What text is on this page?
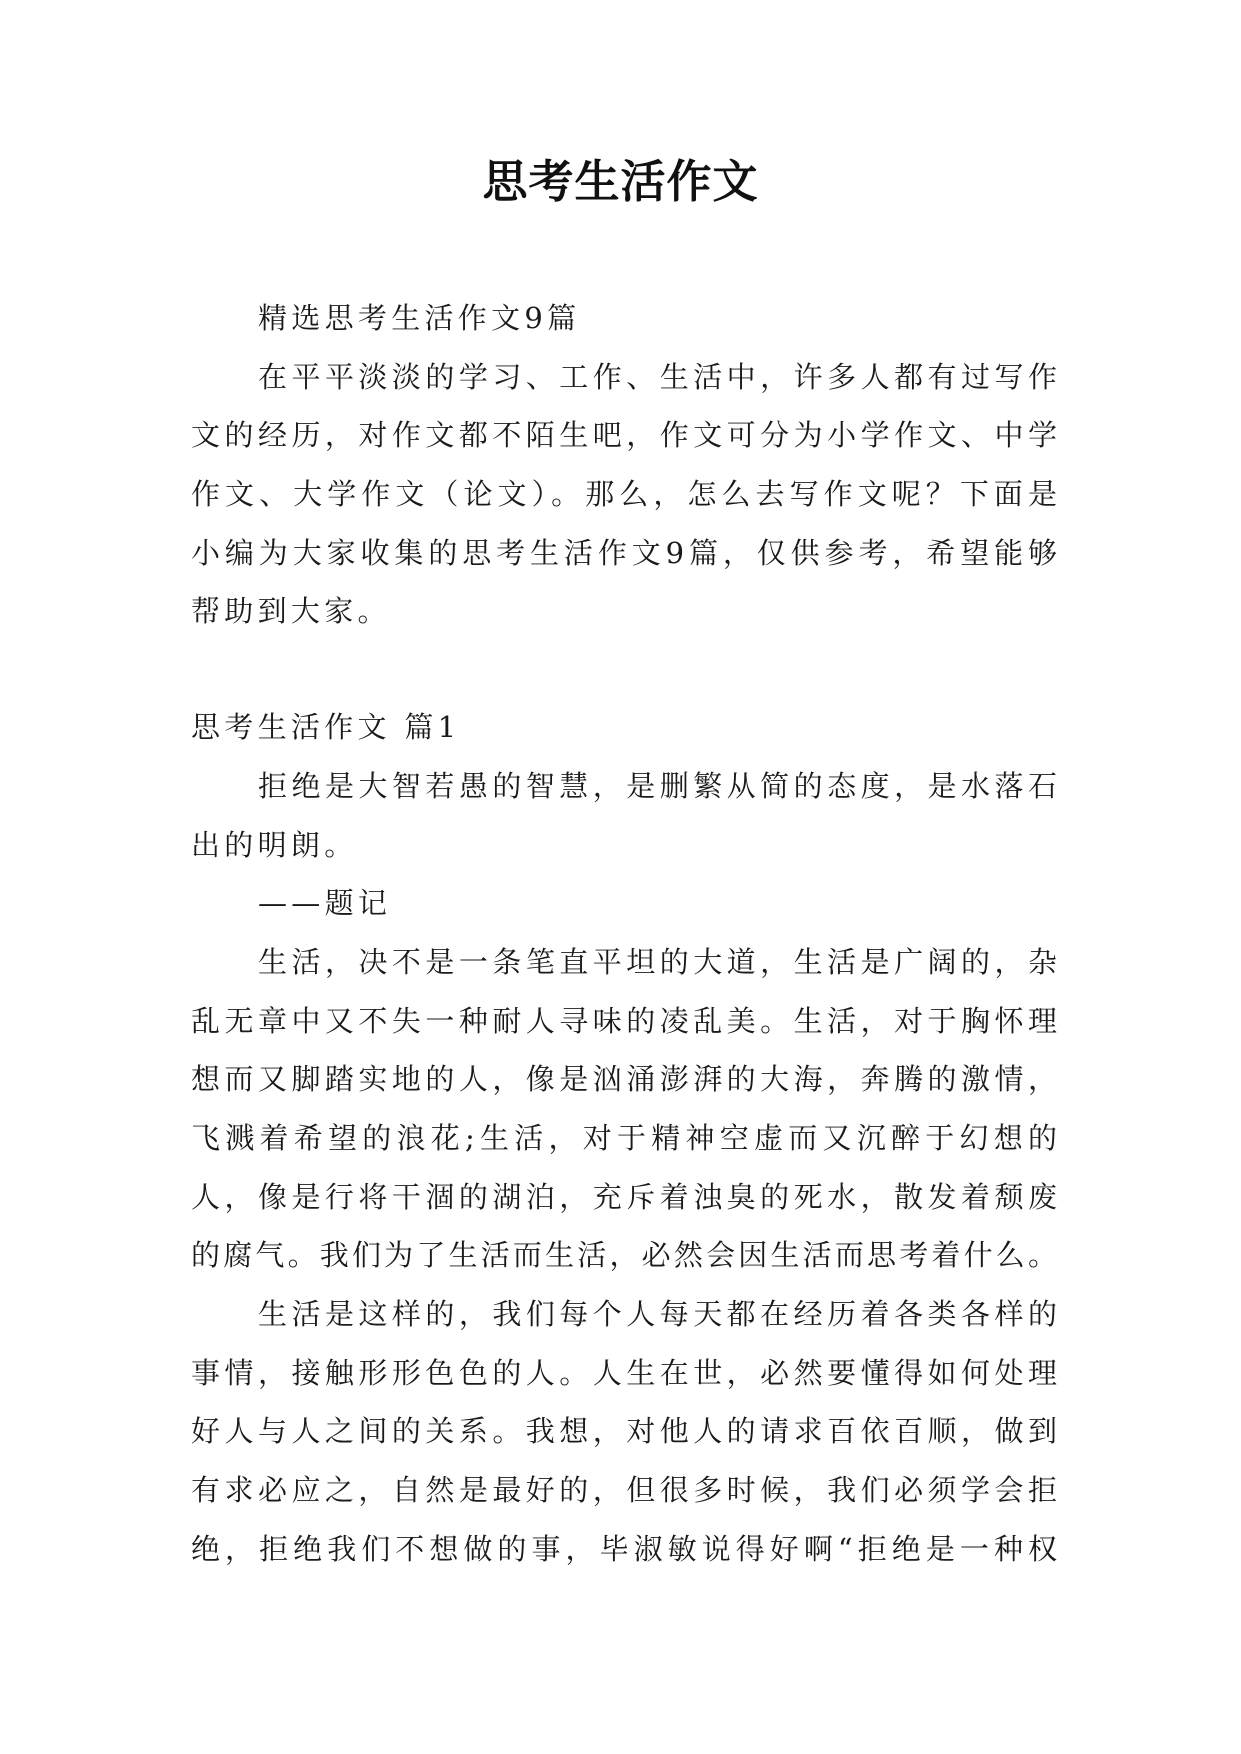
思考生活作文
精选思考生活作文9篇
在平平淡淡的学习、工作、生活中，许多人都有过写作
文的经历，对作文都不陌生吧，作文可分为小学作文、中学
作文、大学作文（论文）。那么，怎么去写作文呢？下面是
小编为大家收集的思考生活作文9篇，仅供参考，希望能够
帮助到大家。
思考生活作文 篇1
拒绝是大智若愚的智慧，是删繁从简的态度，是水落石
出的明朗。
——题记
生活，决不是一条笔直平坦的大道，生活是广阔的，杂
乱无章中又不失一种耐人寻味的凌乱美。生活，对于胸怀理
想而又脚踏实地的人，像是汹涌澎湃的大海，奔腾的激情，
飞溅着希望的浪花;生活，对于精神空虚而又沉醉于幻想的
人，像是行将干涸的湖泊，充斥着浊臭的死水，散发着颓废
的腐气。我们为了生活而生活，必然会因生活而思考着什么。
生活是这样的，我们每个人每天都在经历着各类各样的
事情，接触形形色色的人。人生在世，必然要懂得如何处理
好人与人之间的关系。我想，对他人的请求百依百顺，做到
有求必应之，自然是最好的，但很多时候，我们必须学会拒
绝，拒绝我们不想做的事，毕淑敏说得好啊“拒绝是一种权
